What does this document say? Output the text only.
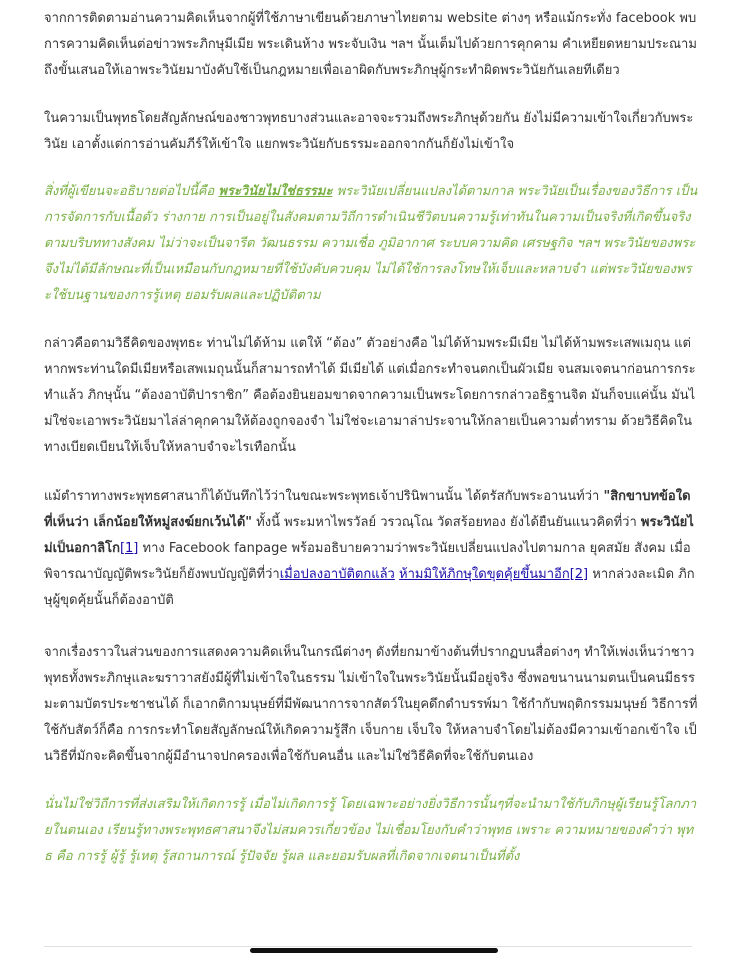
จากการติดตามอ่านความคิดเห็นจากผู้ที่ใช้ภาษาเขียนด้วยภาษาไทยตาม website ต่างๆ หรือแม้กระทั่ง facebook พบการความคิดเห็นต่อข่าวพระภิกษุมีเมีย พระเดินห้าง พระจับเงิน ฯลฯ นั้นเต็มไปด้วยการคุกคาม คำเหยียดหยามประณาม ถึงขั้นเสนอให้เอาพระวินัยมาบังคับใช้เป็นกฎหมายเพื่อเอาผิดกับพระภิกษุผู้กระทำผิดพระวินัยกันเลยทีเดียว

ในความเป็นพุทธโดยสัญลักษณ์ของชาวพุทธบางส่วนและอาจจะรวมถึงพระภิกษุด้วยกัน ยังไม่มีความเข้าใจเกี่ยวกับพระวินัย เอาตั้งแต่การอ่านคัมภีร์ให้เข้าใจ แยกพระวินัยกับธรรมะออกจากกันก็ยังไม่เข้าใจ

สิ่งที่ผู้เขียนจะอธิบายต่อไปนี้คือ พระวินัยไม่ใช่ธรรมะ พระวินัยเปลี่ยนแปลงได้ตามกาล พระวินัยเป็นเรื่องของวิธีการ เป็นการจัดการกับเนื้อตัว ร่างกาย การเป็นอยู่ในสังคมตามวิถีการดำเนินชีวิตบนความรู้เท่าทันในความเป็นจริงที่เกิดขึ้นจริง ตามบริบททางสังคม ไม่ว่าจะเป็นจารีต วัฒนธรรม ความเชื่อ ภูมิอากาศ ระบบความคิด เศรษฐกิจ ฯลฯ พระวินัยของพระจึงไม่ได้มีลักษณะที่เป็นเหมือนกับกฎหมายที่ใช้บังคับควบคุม ไม่ได้ใช้การลงโทษให้เจ็บและหลาบจำ แต่พระวินัยของพระใช้บนฐานของการรู้เหตุ ยอมรับผลและปฏิบัติตาม

กล่าวคือตามวิธีคิดของพุทธะ ท่านไม่ได้ห้าม แตให้ “ต้อง” ตัวอย่างคือ ไม่ได้ห้ามพระมีเมีย ไม่ได้ห้ามพระเสพเมถุน แต่หากพระท่านใดมีเมียหรือเสพเมถุนนั้นก็สามารถทำได้ มีเมียได้ แต่เมื่อกระทำจนตกเป็นผัวเมีย จนสมเจตนาก่อนการกระทำแล้ว ภิกษุนั้น “ต้องอาบัติปาราชิก” คือต้องยินยอมขาดจากความเป็นพระโดยการกล่าวอธิฐานจิต มันก็จบแค่นั้น มันไม่ใช่จะเอาพระวินัยมาไล่ล่าคุกคามให้ต้องถูกจองจำ ไม่ใช่จะเอามาล่าประจานให้กลายเป็นความต่ำทราม ด้วยวิธีคิดในทางเบียดเบียนให้เจ็บให้หลาบจำจะไรเทือกนั้น

แม้ตำราทางพระพุทธศาสนาก็ได้บันทึกไว้ว่าในขณะพระพุทธเจ้าปรินิพานนั้น ได้ตรัสกับพระอานนท์ว่า "สิกขาบทข้อใดที่เห็นว่า เล็กน้อยให้หมู่สงฆ์ยกเว้นได้" ทั้งนี้ พระมหาไพรวัลย์ วรวณฺโณ วัดสร้อยทอง ยังได้ยืนยันแนวคิดที่ว่า พระวินัยไม่เป็นอกาลิโก[1] ทาง Facebook fanpage พร้อมอธิบายความว่าพระวินัยเปลี่ยนแปลงไปตามกาล ยุคสมัย สังคม เมื่อพิจารณาบัญญัติพระวินัยก็ยังพบบัญญัติที่ว่าเมื่อปลงอาบัติตกแล้ว ห้ามมิให้ภิกษุใดขุดคุ้ยขึ้นมาอีก[2] หากล่วงละเมิด ภิกษุผู้ขุดคุ้ยนั้นก็ต้องอาบัติ

จากเรื่องราวในส่วนของการแสดงความคิดเห็นในกรณีต่างๆ ดังที่ยกมาข้างต้นที่ปรากฏบนสื่อต่างๆ ทำให้เพ่งเห็นว่าชาวพุทธทั้งพระภิกษุและฆราวาสยังมีผู้ที่ไม่เข้าใจในธรรม ไม่เข้าใจในพระวินัยนั้นมีอยู่จริง ซึ่งพอขนานนามตนเป็นคนมีธรรมะตามบัตรประชาชนได้ ก็เอากติกามนุษย์ที่มีพัฒนาการจากสัตว์ในยุคดึกดำบรรพ์มา ใช้กำกับพฤติกรรมมนุษย์ วิธีการที่ใช้กับสัตว์ก็คือ การกระทำโดยสัญลักษณ์ให้เกิดความรู้สึก เจ็บกาย เจ็บใจ ให้หลาบจำโดยไม่ต้องมีความเข้าอกเข้าใจ เป็นวิธีที่มักจะคิดขึ้นจากผู้มีอำนาจปกครองเพื่อใช้กับคนอื่น และไม่ใช่วิธีคิดที่จะใช้กับตนเอง

นั่นไม่ใช่วิถีการที่ส่งเสริมให้เกิดการรู้ เมื่อไม่เกิดการรู้ โดยเฉพาะอย่างยิ่งวิธีการนั้นๆที่จะนำมาใช้กับภิกษุผู้เรียนรู้โลกภายในตนเอง เรียนรู้ทางพระพุทธศาสนาจึงไม่สมควรเกี่ยวข้อง ไม่เชื่อมโยงกับคำว่าพุทธ เพราะ ความหมายของคำว่า พุทธ คือ การรู้ ผู้รู้ รู้เหตุ รู้สถานการณ์ รู้ปัจจัย รู้ผล และยอมรับผลที่เกิดจากเจตนาเป็นที่ตั้ง
